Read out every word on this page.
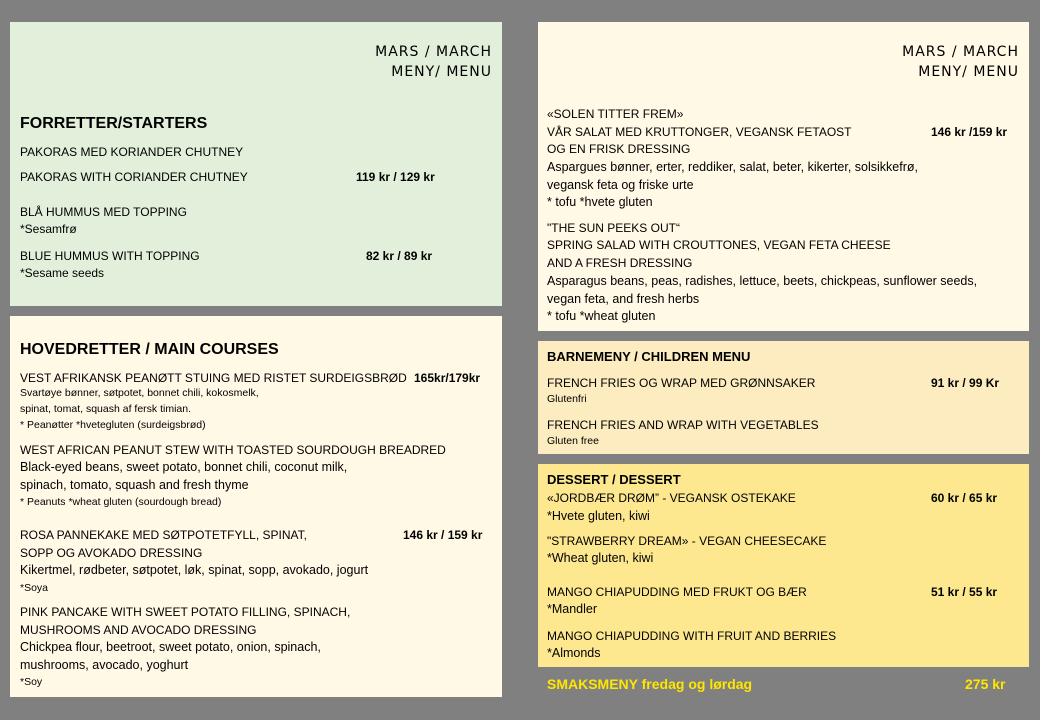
MARS / MARCH
MENY/ MENU
FORRETTER/STARTERS
PAKORAS MED KORIANDER CHUTNEY
PAKORAS WITH CORIANDER CHUTNEY	119 kr / 129 kr
BLÅ HUMMUS MED TOPPING
*Sesamfrø
BLUE HUMMUS WITH TOPPING	82 kr / 89 kr
*Sesame seeds
HOVEDRETTER / MAIN COURSES
VEST AFRIKANSK PEANØTT STUING MED RISTET SURDEIGSBRØD 165kr/179kr
Svartøye bønner, søtpotet, bonnet chili, kokosmelk,
spinat, tomat, squash af fersk timian.
* Peanøtter *hvetegluten (surdeigsbrød)
WEST AFRICAN PEANUT STEW WITH TOASTED SOURDOUGH BREADRED
Black-eyed beans, sweet potato, bonnet chili, coconut milk,
spinach, tomato, squash and fresh thyme
* Peanuts *wheat gluten (sourdough bread)
ROSA PANNEKAKE MED SØTPOTETFYLL, SPINAT,	146 kr / 159 kr
SOPP OG AVOKADO DRESSING
Kikertmel, rødbeter, søtpotet, løk, spinat, sopp, avokado, jogurt
*Soya
PINK PANCAKE WITH SWEET POTATO FILLING, SPINACH,
MUSHROOMS AND AVOCADO DRESSING
Chickpea flour, beetroot, sweet potato, onion, spinach,
mushrooms, avocado, yoghurt
*Soy
MARS / MARCH
MENY/ MENU
«SOLEN TITTER FREM»
VÅR SALAT MED KRUTTONGER, VEGANSK FETAOST	146 kr /159 kr
OG EN FRISK DRESSING
Aspargues bønner, erter, reddiker, salat, beter, kikerter, solsikkefrø,
vegansk feta og friske urte
* tofu *hvete gluten
"THE SUN PEEKS OUT“
SPRING SALAD WITH CROUTTONES, VEGAN FETA CHEESE
AND A FRESH DRESSING
Asparagus beans, peas, radishes, lettuce, beets, chickpeas, sunflower seeds,
vegan feta, and fresh herbs
* tofu *wheat gluten
BARNEMENY / CHILDREN MENU
FRENCH FRIES OG WRAP MED GRØNNSAKER	91 kr / 99 Kr
Glutenfri
FRENCH FRIES AND WRAP WITH VEGETABLES
Gluten free
DESSERT / DESSERT
«JORDBÆR DRØM” - VEGANSK OSTEKAKE	60 kr / 65 kr
*Hvete gluten, kiwi
"STRAWBERRY DREAM» - VEGAN CHEESECAKE
*Wheat gluten, kiwi
MANGO CHIAPUDDING MED FRUKT OG BÆR	51 kr / 55 kr
*Mandler
MANGO CHIAPUDDING WITH FRUIT AND BERRIES
*Almonds
SMAKSMENY fredag og lørdag	275 kr
